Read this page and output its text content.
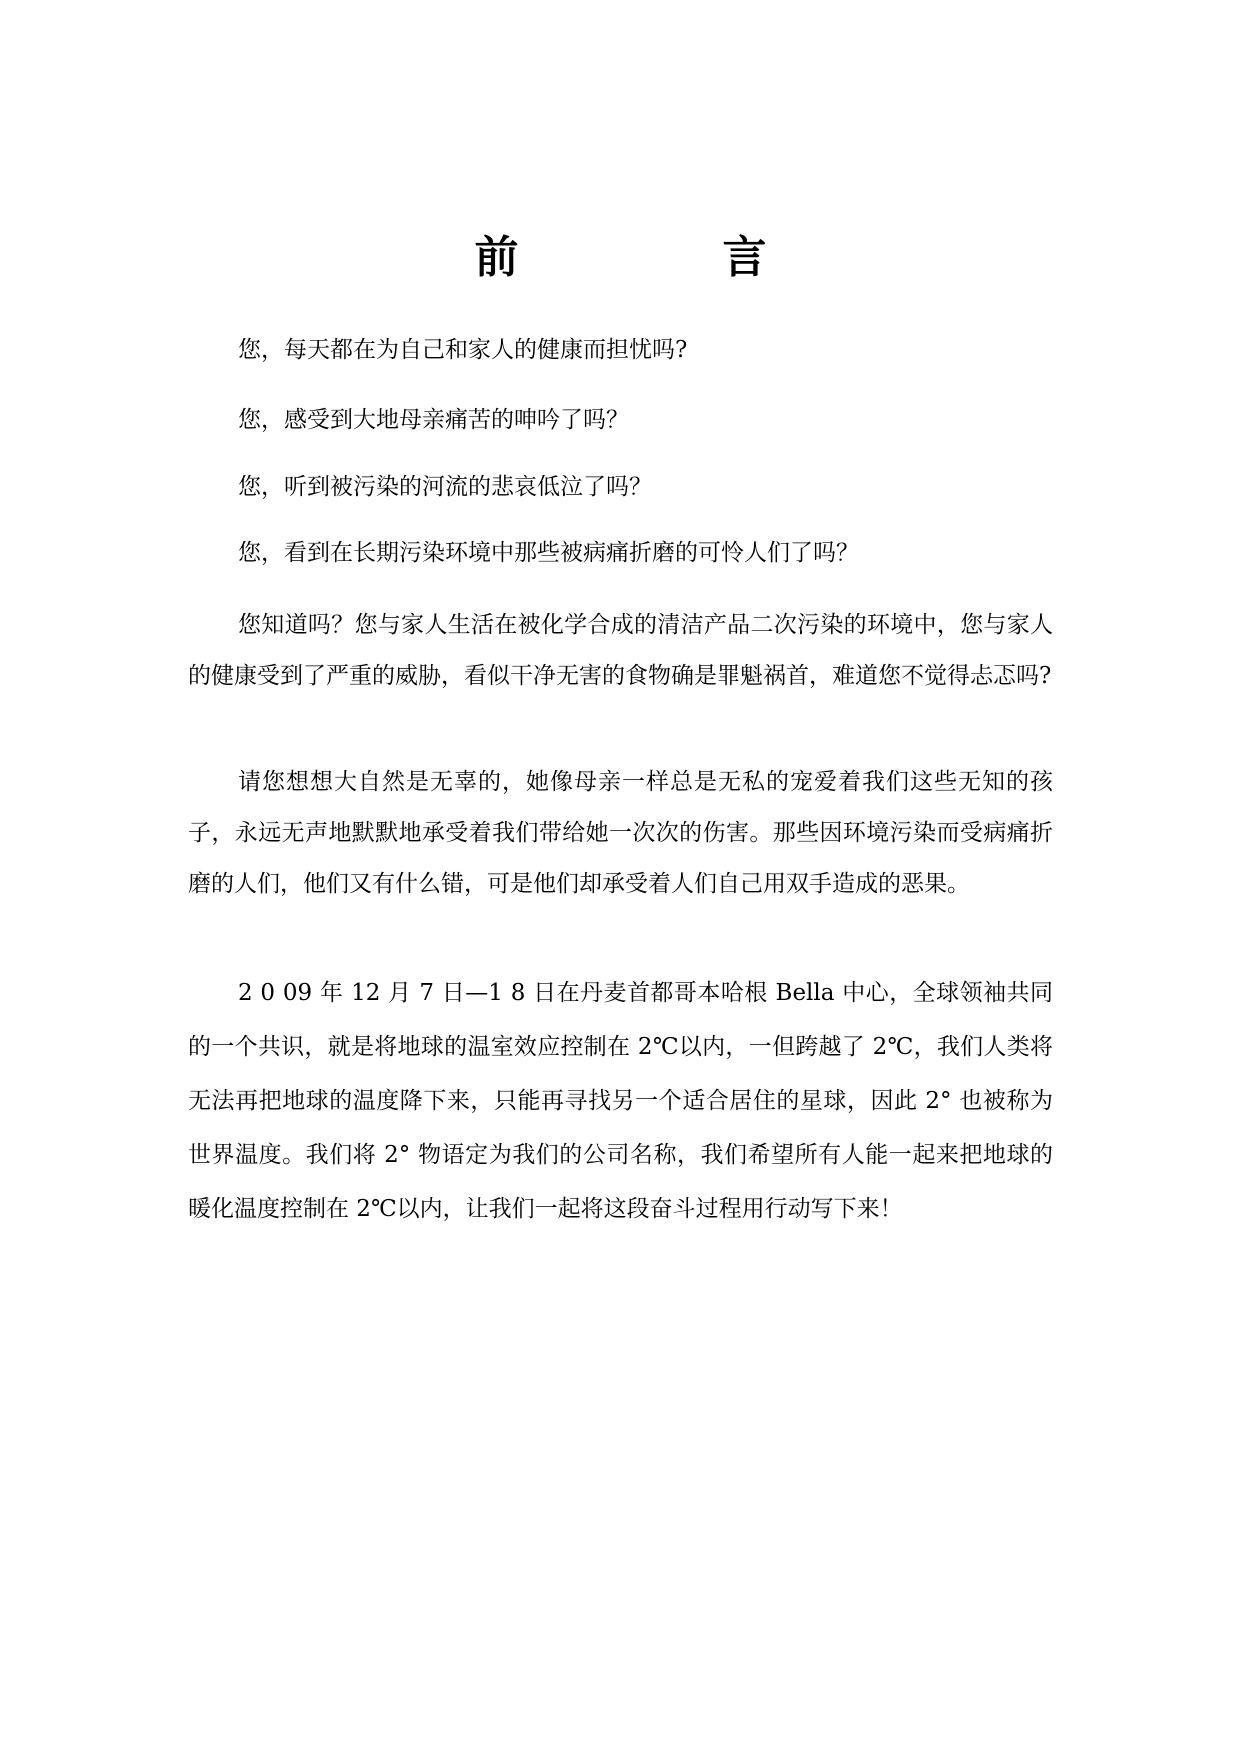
前　言

您，每天都在为自己和家人的健康而担忧吗?

您，感受到大地母亲痛苦的呻吟了吗？

您，听到被污染的河流的悲哀低泣了吗？

您，看到在长期污染环境中那些被病痛折磨的可怜人们了吗？

您知道吗？您与家人生活在被化学合成的清洁产品二次污染的环境中，您与家人的健康受到了严重的威胁，看似干净无害的食物确是罪魁祸首，难道您不觉得忐忑吗?

请您想想大自然是无辜的，她像母亲一样总是无私的宠爱着我们这些无知的孩子，永远无声地默默地承受着我们带给她一次次的伤害。那些因环境污染而受病痛折磨的人们，他们又有什么错，可是他们却承受着人们自己用双手造成的恶果。

2 0 09 年 12 月 7 日—1 8 日在丹麦首都哥本哈根 Bella 中心，全球领袖共同的一个共识，就是将地球的温室效应控制在 2℃以内，一但跨越了 2℃，我们人类将无法再把地球的温度降下来，只能再寻找另一个适合居住的星球，因此 2° 也被称为世界温度。我们将 2° 物语定为我们的公司名称，我们希望所有人能一起来把地球的暖化温度控制在 2℃以内，让我们一起将这段奋斗过程用行动写下来！
